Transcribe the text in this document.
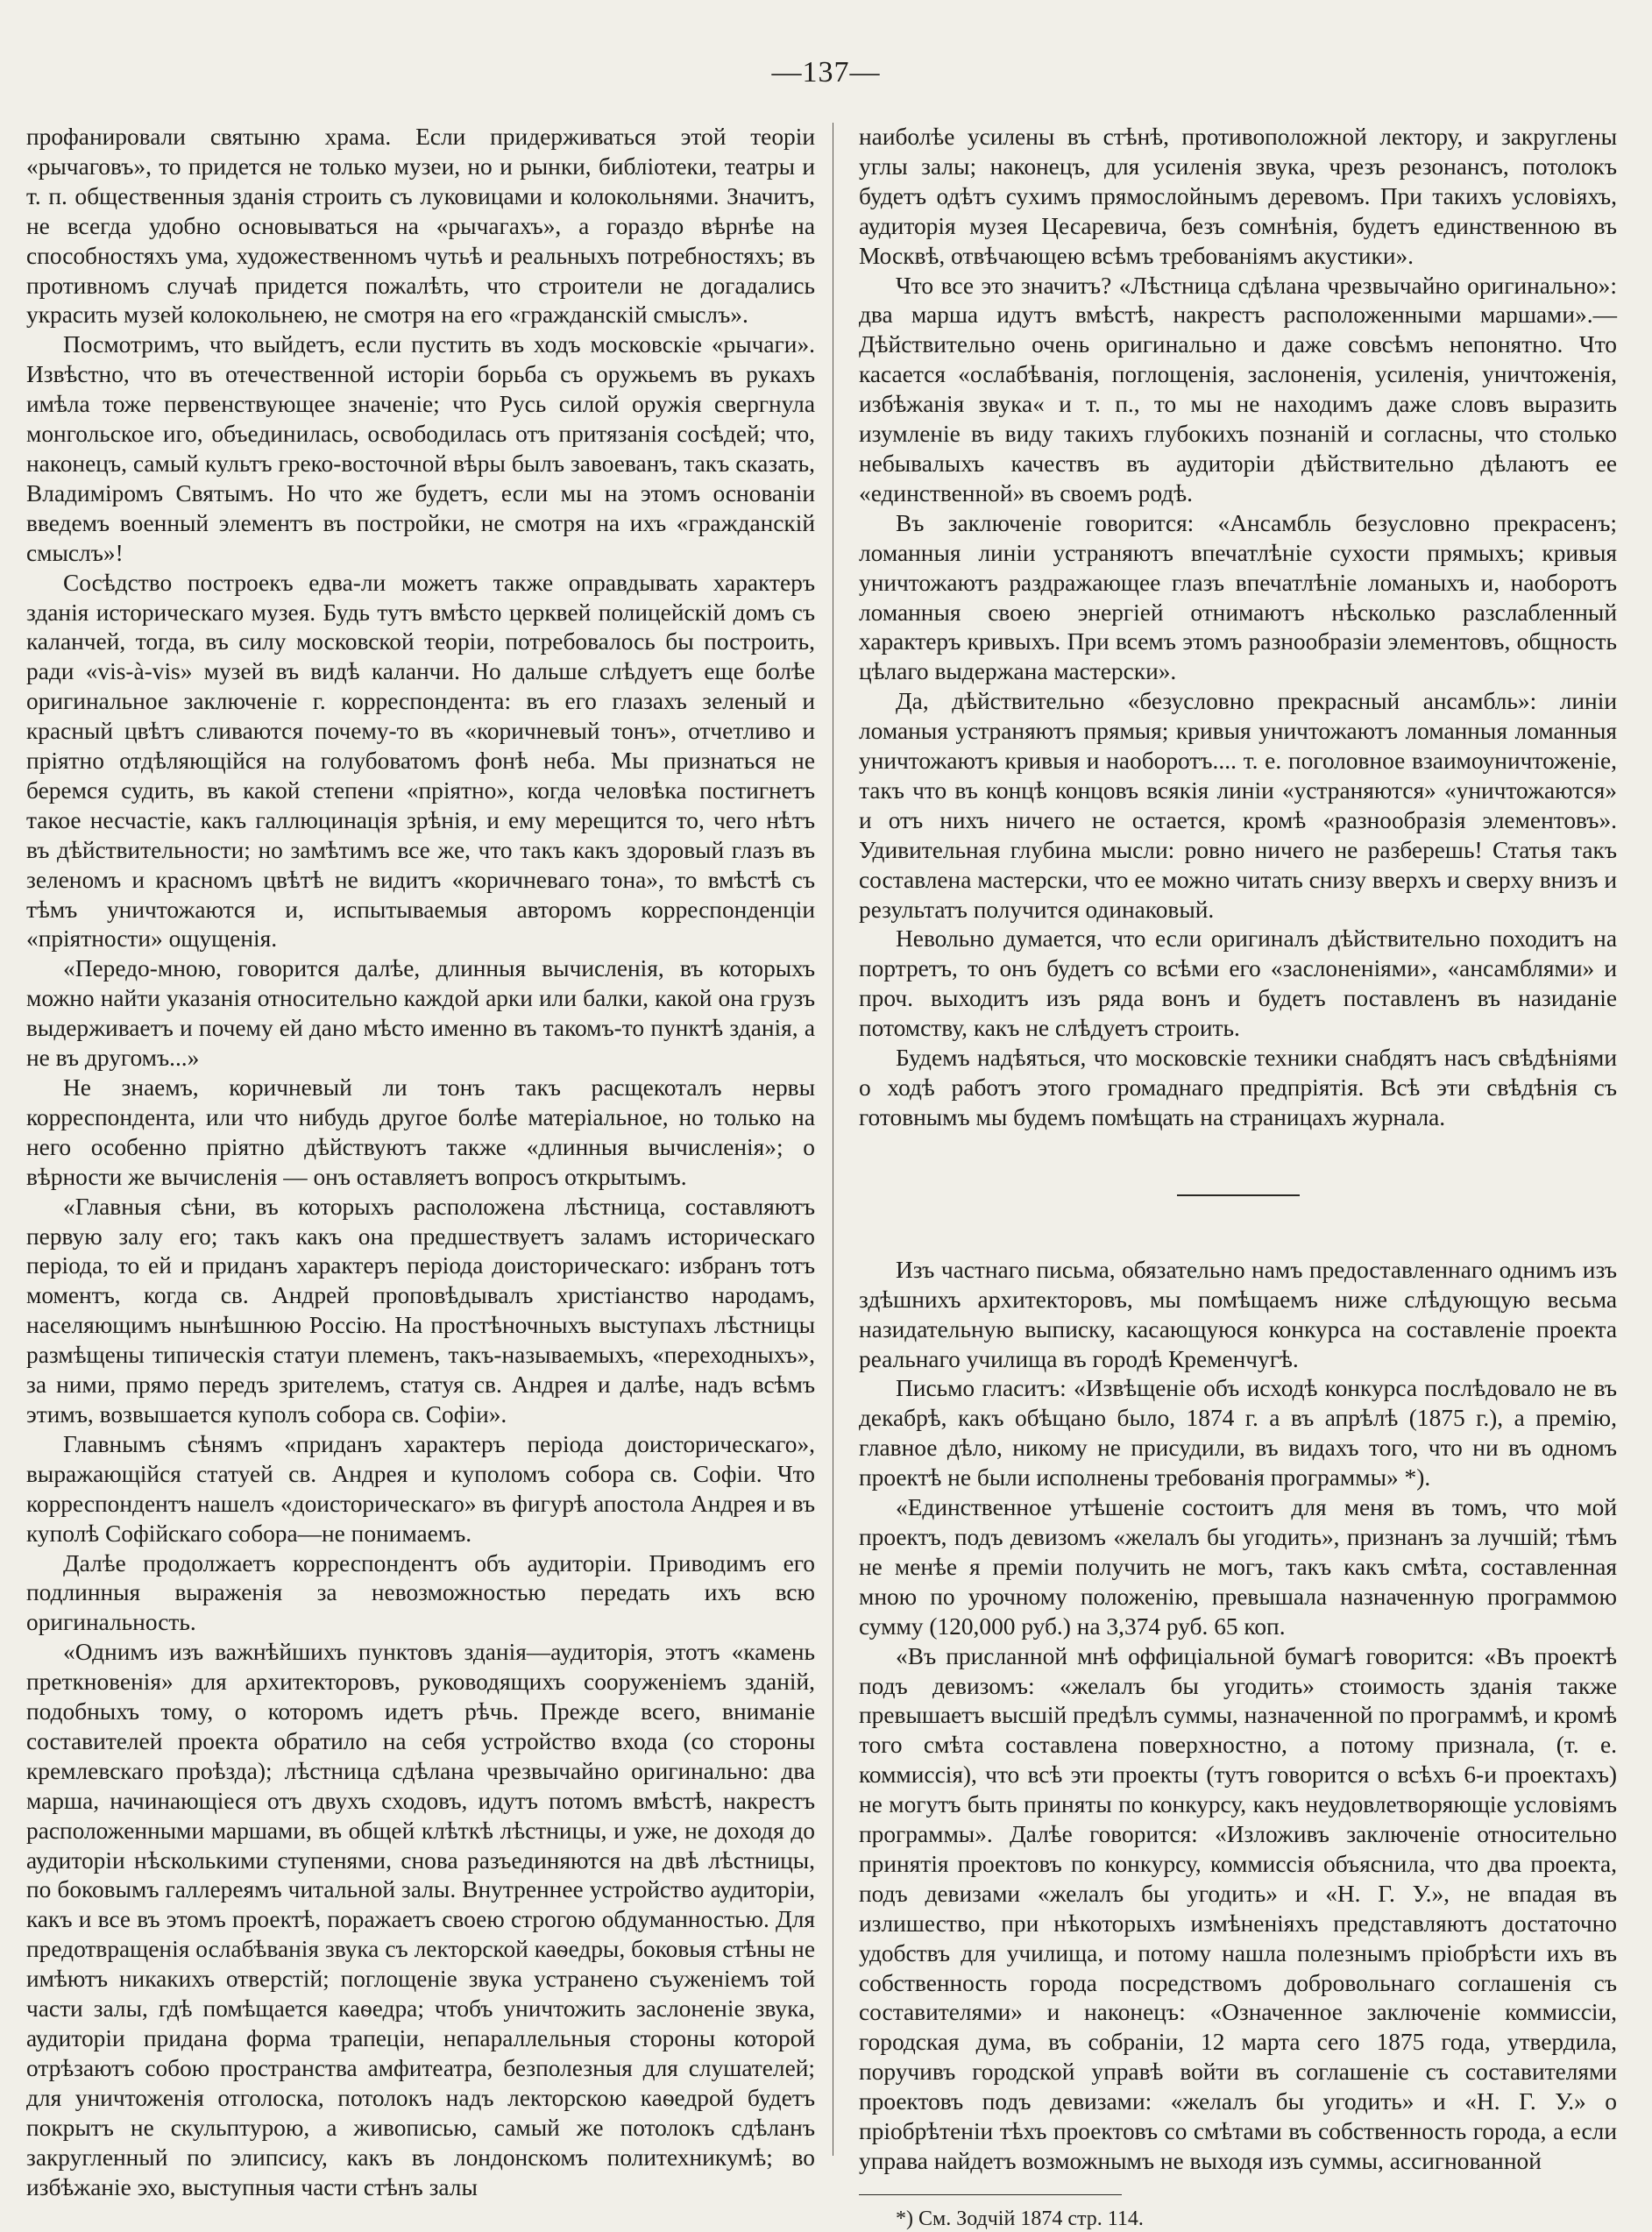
—137—

профанировали святыню храма. Если придерживаться этой теоріи «рычаговъ», то придется не только музеи, но и рынки, библіотеки, театры и т. п. общественныя зданія строить съ луковицами и колокольнями. Значитъ, не всегда удобно основываться на «рычагахъ», а гораздо вѣрнѣе на способностяхъ ума, художественномъ чутьѣ и реальныхъ потребностяхъ; въ противномъ случаѣ придется пожалѣть, что строители не догадались украсить музей колокольнею, не смотря на его «гражданскій смыслъ».

Посмотримъ, что выйдетъ, если пустить въ ходъ московскіе «рычаги». Извѣстно, что въ отечественной исторіи борьба съ оружьемъ въ рукахъ имѣла тоже первенствующее значеніе; что Русь силой оружія свергнула монгольское иго, объединилась, освободилась отъ притязанія сосѣдей; что, наконецъ, самый культъ греко-восточной вѣры былъ завоеванъ, такъ сказать, Владиміромъ Святымъ. Но что же будетъ, если мы на этомъ основаніи введемъ военный элементъ въ постройки, не смотря на ихъ «гражданскій смыслъ»!

Сосѣдство построекъ едва-ли можетъ также оправдывать характеръ зданія историческаго музея. Будь тутъ вмѣсто церквей полицейскій домъ съ каланчей, тогда, въ силу московской теоріи, потребовалось бы построить, ради «vis-à-vis» музей въ видѣ каланчи. Но дальше слѣдуетъ еще болѣе оригинальное заключеніе г. корреспондента: въ его глазахъ зеленый и красный цвѣтъ сливаются почему-то въ «коричневый тонъ», отчетливо и пріятно отдѣляющійся на голубоватомъ фонѣ неба. Мы признаться не беремся судить, въ какой степени «пріятно», когда человѣка постигнетъ такое несчастіе, какъ галлюцинація зрѣнія, и ему мерещится то, чего нѣтъ въ дѣйствительности; но замѣтимъ все же, что такъ какъ здоровый глазъ въ зеленомъ и красномъ цвѣтѣ не видитъ «коричневаго тона», то вмѣстѣ съ тѣмъ уничтожаются и, испытываемыя авторомъ корреспонденціи «пріятности» ощущенія.

«Передо-мною, говорится далѣе, длинныя вычисленія, въ которыхъ можно найти указанія относительно каждой арки или балки, какой она грузъ выдерживаетъ и почему ей дано мѣсто именно въ такомъ-то пунктѣ зданія, а не въ другомъ...»

Не знаемъ, коричневый ли тонъ такъ расщекоталъ нервы корреспондента, или что нибудь другое болѣе матеріальное, но только на него особенно пріятно дѣйствуютъ также «длинныя вычисленія»; о вѣрности же вычисленія — онъ оставляетъ вопросъ открытымъ.

«Главныя сѣни, въ которыхъ расположена лѣстница, составляютъ первую залу его; такъ какъ она предшествуетъ заламъ историческаго періода, то ей и приданъ характеръ періода доисторическаго: избранъ тотъ моментъ, когда св. Андрей проповѣдывалъ христіанство народамъ, населяющимъ нынѣшнюю Россію. На простѣночныхъ выступахъ лѣстницы размѣщены типическія статуи племенъ, такъ-называемыхъ, «переходныхъ», за ними, прямо передъ зрителемъ, статуя св. Андрея и далѣе, надъ всѣмъ этимъ, возвышается куполъ собора св. Софіи».

Главнымъ сѣнямъ «приданъ характеръ періода доисторическаго», выражающійся статуей св. Андрея и куполомъ собора св. Софіи. Что корреспондентъ нашелъ «доисторическаго» въ фигурѣ апостола Андрея и въ куполѣ Софійскаго собора—не понимаемъ.

Далѣе продолжаетъ корреспондентъ объ аудиторіи. Приводимъ его подлинныя выраженія за невозможностью передать ихъ всю оригинальность.

«Однимъ изъ важнѣйшихъ пунктовъ зданія—аудиторія, этотъ «камень преткновенія» для архитекторовъ, руководящихъ сооруженіемъ зданій, подобныхъ тому, о которомъ идетъ рѣчь. Прежде всего, вниманіе составителей проекта обратило на себя устройство входа (со стороны кремлевскаго проѣзда); лѣстница сдѣлана чрезвычайно оригинально: два марша, начинающіеся отъ двухъ сходовъ, идутъ потомъ вмѣстѣ, накрестъ расположенными маршами, въ общей клѣткѣ лѣстницы, и уже, не доходя до аудиторіи нѣсколькими ступенями, снова разъединяются на двѣ лѣстницы, по боковымъ галлереямъ читальной залы. Внутреннее устройство аудиторіи, какъ и все въ этомъ проектѣ, поражаетъ своею строгою обдуманностью. Для предотвращенія ослабѣванія звука съ лекторской каѳедры, боковыя стѣны не имѣютъ никакихъ отверстій; поглощеніе звука устранено съуженіемъ той части залы, гдѣ помѣщается каѳедра; чтобъ уничтожить заслоненіе звука, аудиторіи придана форма трапеціи, непараллельныя стороны которой отрѣзаютъ собою пространства амфитеатра, безполезныя для слушателей; для уничтоженія отголоска, потолокъ надъ лекторскою каѳедрой будетъ покрытъ не скульптурою, а живописью, самый же потолокъ сдѣланъ закругленный по элипсису, какъ въ лондонскомъ политехникумѣ; во избѣжаніе эхо, выступныя части стѣнъ залы

наиболѣе усилены въ стѣнѣ, противоположной лектору, и закруглены углы залы; наконецъ, для усиленія звука, чрезъ резонансъ, потолокъ будетъ одѣтъ сухимъ прямослойнымъ деревомъ. При такихъ условіяхъ, аудиторія музея Цесаревича, безъ сомнѣнія, будетъ единственною въ Москвѣ, отвѣчающею всѣмъ требованіямъ акустики».

Что все это значитъ? «Лѣстница сдѣлана чрезвычайно оригинально»: два марша идутъ вмѣстѣ, накрестъ расположенными маршами».—Дѣйствительно очень оригинально и даже совсѣмъ непонятно. Что касается «ослабѣванія, поглощенія, заслоненія, усиленія, уничтоженія, избѣжанія звука« и т. п., то мы не находимъ даже словъ выразить изумленіе въ виду такихъ глубокихъ познаній и согласны, что столько небывалыхъ качествъ въ аудиторіи дѣйствительно дѣлаютъ ее «единственной» въ своемъ родѣ.

Въ заключеніе говорится: «Ансамбль безусловно прекрасенъ; ломанныя линіи устраняютъ впечатлѣніе сухости прямыхъ; кривыя уничтожаютъ раздражающее глазъ впечатлѣніе ломаныхъ и, наоборотъ ломанныя своею энергіей отнимаютъ нѣсколько разслабленный характеръ кривыхъ. При всемъ этомъ разнообразіи элементовъ, общность цѣлаго выдержана мастерски».

Да, дѣйствительно «безусловно прекрасный ансамбль»: линіи ломаныя устраняютъ прямыя; кривыя уничтожаютъ ломанныя ломанныя уничтожаютъ кривыя и наоборотъ.... т. е. поголовное взаимоуничтоженіе, такъ что въ концѣ концовъ всякія линіи «устраняются» «уничтожаются» и отъ нихъ ничего не остается, кромѣ «разнообразія элементовъ». Удивительная глубина мысли: ровно ничего не разберешь! Статья такъ составлена мастерски, что ее можно читать снизу вверхъ и сверху внизъ и результатъ получится одинаковый.

Невольно думается, что если оригиналъ дѣйствительно походитъ на портретъ, то онъ будетъ со всѣми его «заслоненіями», «ансамблями» и проч. выходитъ изъ ряда вонъ и будетъ поставленъ въ назиданіе потомству, какъ не слѣдуетъ строить.

Будемъ надѣяться, что московскіе техники снабдятъ насъ свѣдѣніями о ходѣ работъ этого громаднаго предпріятія. Всѣ эти свѣдѣнія съ готовнымъ мы будемъ помѣщать на страницахъ журнала.

Изъ частнаго письма, обязательно намъ предоставленнаго однимъ изъ здѣшнихъ архитекторовъ, мы помѣщаемъ ниже слѣдующую весьма назидательную выписку, касающуюся конкурса на составленіе проекта реальнаго училища въ городѣ Кременчугѣ.

Письмо гласитъ: «Извѣщеніе объ исходѣ конкурса послѣдовало не въ декабрѣ, какъ обѣщано было, 1874 г. а въ апрѣлѣ (1875 г.), а премію, главное дѣло, никому не присудили, въ видахъ того, что ни въ одномъ проектѣ не были исполнены требованія программы» *).

«Единственное утѣшеніе состоитъ для меня въ томъ, что мой проектъ, подъ девизомъ «желалъ бы угодить», признанъ за лучшій; тѣмъ не менѣе я преміи получить не могъ, такъ какъ смѣта, составленная мною по урочному положенію, превышала назначенную программою сумму (120,000 руб.) на 3,374 руб. 65 коп.

«Въ присланной мнѣ оффиціальной бумагѣ говорится: «Въ проектѣ подъ девизомъ: «желалъ бы угодить» стоимость зданія также превышаетъ высшій предѣлъ суммы, назначенной по программѣ, и кромѣ того смѣта составлена поверхностно, а потому признала, (т. е. коммиссія), что всѣ эти проекты (тутъ говорится о всѣхъ 6-и проектахъ) не могутъ быть приняты по конкурсу, какъ неудовлетворяющіе условіямъ программы». Далѣе говорится: «Изложивъ заключеніе относительно принятія проектовъ по конкурсу, коммиссія объяснила, что два проекта, подъ девизами «желалъ бы угодить» и «Н. Г. У.», не впадая въ излишество, при нѣкоторыхъ измѣненіяхъ представляютъ достаточно удобствъ для училища, и потому нашла полезнымъ пріобрѣсти ихъ въ собственность города посредствомъ добровольнаго соглашенія съ составителями» и наконецъ: «Означенное заключеніе коммиссіи, городская дума, въ собраніи, 12 марта сего 1875 года, утвердила, поручивъ городской управѣ войти въ соглашеніе съ составителями проектовъ подъ девизами: «желалъ бы угодить» и «Н. Г. У.» о пріобрѣтеніи тѣхъ проектовъ со смѣтами въ собственность города, а если управа найдетъ возможнымъ не выходя изъ суммы, ассигнованной

*) См. Зодчій 1874 стр. 114.
